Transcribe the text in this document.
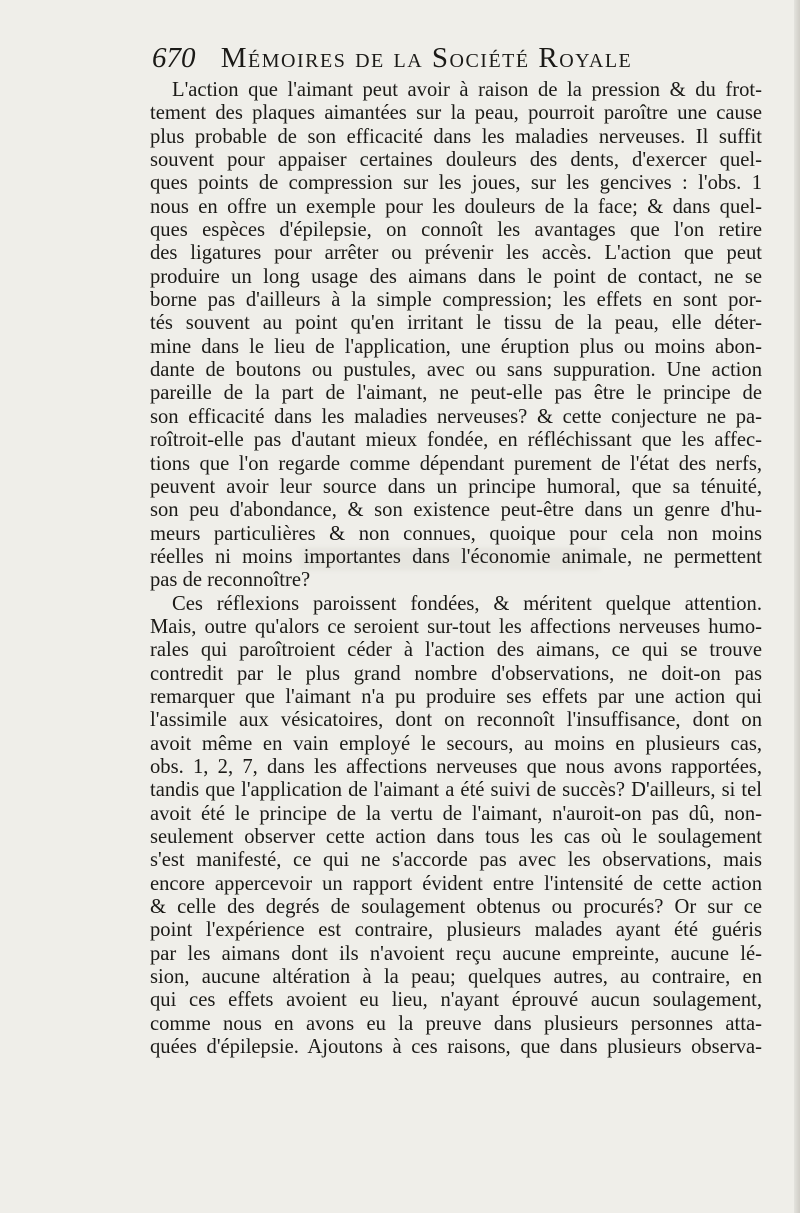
670 Mémoires de la Société Royale
L'action que l'aimant peut avoir à raison de la pression & du frot-
tement des plaques aimantées sur la peau, pourroit paroître une cause
plus probable de son efficacité dans les maladies nerveuses. Il suffit
souvent pour appaiser certaines douleurs des dents, d'exercer quel-
ques points de compression sur les joues, sur les gencives : l'obs. 1
nous en offre un exemple pour les douleurs de la face; & dans quel-
ques espèces d'épilepsie, on connoît les avantages que l'on retire
des ligatures pour arrêter ou prévenir les accès. L'action que peut
produire un long usage des aimans dans le point de contact, ne se
borne pas d'ailleurs à la simple compression; les effets en sont por-
tés souvent au point qu'en irritant le tissu de la peau, elle déter-
mine dans le lieu de l'application, une éruption plus ou moins abon-
dante de boutons ou pustules, avec ou sans suppuration. Une action
pareille de la part de l'aimant, ne peut-elle pas être le principe de
son efficacité dans les maladies nerveuses? & cette conjecture ne pa-
roîtroit-elle pas d'autant mieux fondée, en réfléchissant que les affec-
tions que l'on regarde comme dépendant purement de l'état des nerfs,
peuvent avoir leur source dans un principe humoral, que sa ténuité,
son peu d'abondance, & son existence peut-être dans un genre d'hu-
meurs particulières & non connues, quoique pour cela non moins
réelles ni moins importantes dans l'économie animale, ne permettent
pas de reconnoître?
Ces réflexions paroissent fondées, & méritent quelque attention.
Mais, outre qu'alors ce seroient sur-tout les affections nerveuses humo-
rales qui paroîtroient céder à l'action des aimans, ce qui se trouve
contredit par le plus grand nombre d'observations, ne doit-on pas
remarquer que l'aimant n'a pu produire ses effets par une action qui
l'assimile aux vésicatoires, dont on reconnoît l'insuffisance, dont on
avoit même en vain employé le secours, au moins en plusieurs cas,
obs. 1, 2, 7, dans les affections nerveuses que nous avons rapportées,
tandis que l'application de l'aimant a été suivi de succès? D'ailleurs, si tel
avoit été le principe de la vertu de l'aimant, n'auroit-on pas dû, non-
seulement observer cette action dans tous les cas où le soulagement
s'est manifesté, ce qui ne s'accorde pas avec les observations, mais
encore appercevoir un rapport évident entre l'intensité de cette action
& celle des degrés de soulagement obtenus ou procurés? Or sur ce
point l'expérience est contraire, plusieurs malades ayant été guéris
par les aimans dont ils n'avoient reçu aucune empreinte, aucune lé-
sion, aucune altération à la peau; quelques autres, au contraire, en
qui ces effets avoient eu lieu, n'ayant éprouvé aucun soulagement,
comme nous en avons eu la preuve dans plusieurs personnes atta-
quées d'épilepsie. Ajoutons à ces raisons, que dans plusieurs observa-
